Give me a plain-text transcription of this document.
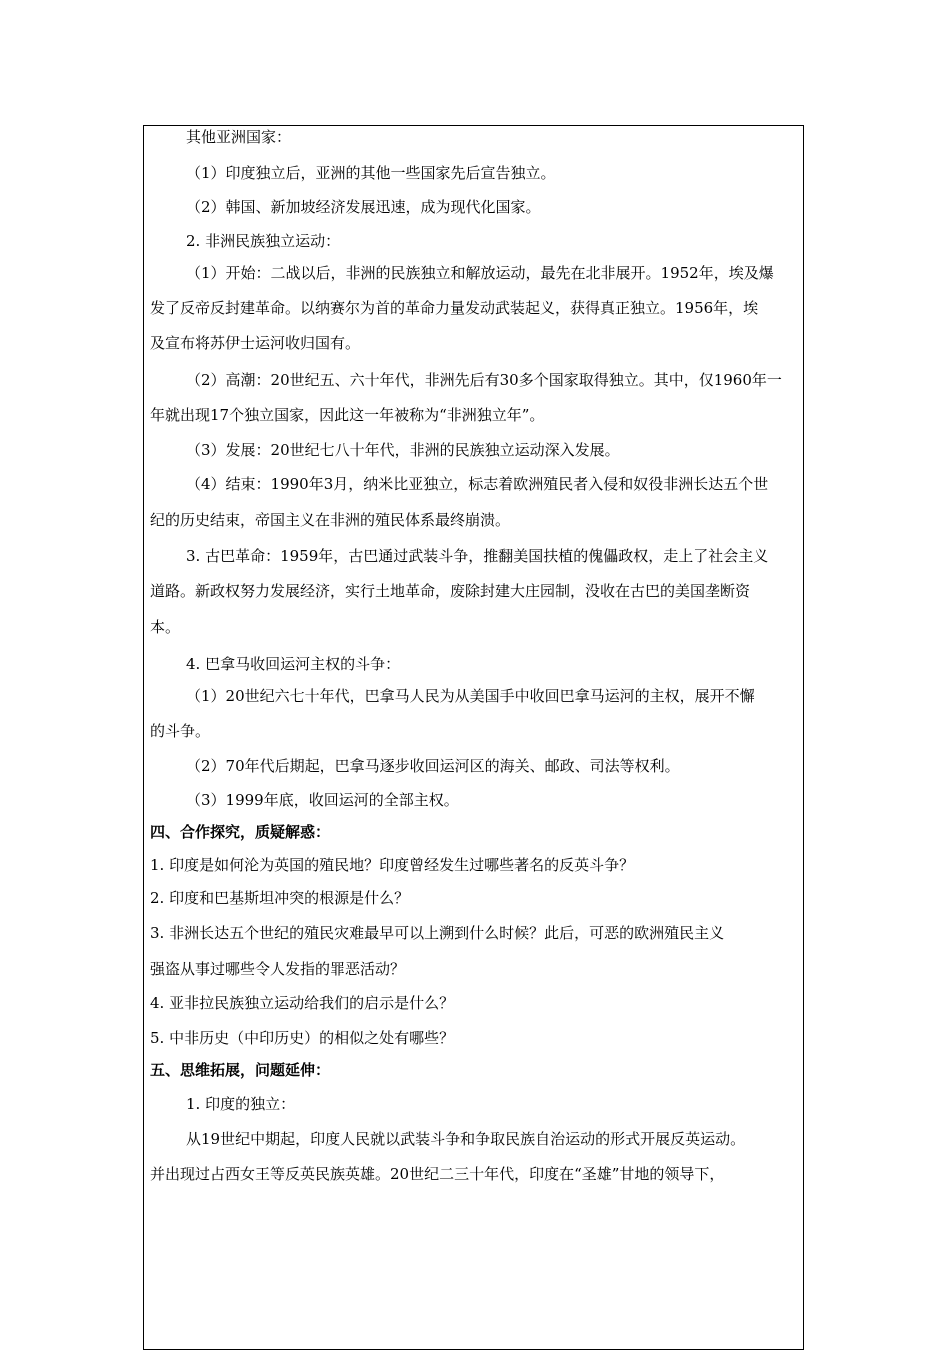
其他亚洲国家：
（1）印度独立后，亚洲的其他一些国家先后宣告独立。
（2）韩国、新加坡经济发展迅速，成为现代化国家。
2. 非洲民族独立运动：
（1）开始：二战以后，非洲的民族独立和解放运动，最先在北非展开。1952年，埃及爆
发了反帝反封建革命。以纳赛尔为首的革命力量发动武装起义，获得真正独立。1956年，埃
及宣布将苏伊士运河收归国有。
（2）高潮：20世纪五、六十年代，非洲先后有30多个国家取得独立。其中，仅1960年一
年就出现17个独立国家，因此这一年被称为“非洲独立年”。
（3）发展：20世纪七八十年代，非洲的民族独立运动深入发展。
（4）结束：1990年3月，纳米比亚独立，标志着欧洲殖民者入侵和奴役非洲长达五个世
纪的历史结束，帝国主义在非洲的殖民体系最终崩溃。
3. 古巴革命：1959年，古巴通过武装斗争，推翻美国扶植的傀儡政权，走上了社会主义
道路。新政权努力发展经济，实行土地革命，废除封建大庄园制，没收在古巴的美国垄断资
本。
4. 巴拿马收回运河主权的斗争：
（1）20世纪六七十年代，巴拿马人民为从美国手中收回巴拿马运河的主权，展开不懈
的斗争。
（2）70年代后期起，巴拿马逐步收回运河区的海关、邮政、司法等权利。
（3）1999年底，收回运河的全部主权。
四、合作探究，质疑解惑：
1. 印度是如何沦为英国的殖民地？印度曾经发生过哪些著名的反英斗争？
2. 印度和巴基斯坦冲突的根源是什么？
3. 非洲长达五个世纪的殖民灾难最早可以上溯到什么时候？此后，可恶的欧洲殖民主义
强盗从事过哪些令人发指的罪恶活动？
4. 亚非拉民族独立运动给我们的启示是什么？
5. 中非历史（中印历史）的相似之处有哪些？
五、思维拓展，问题延伸：
1. 印度的独立：
从19世纪中期起，印度人民就以武装斗争和争取民族自治运动的形式开展反英运动。
并出现过占西女王等反英民族英雄。20世纪二三十年代，印度在“圣雄”甘地的领导下，
